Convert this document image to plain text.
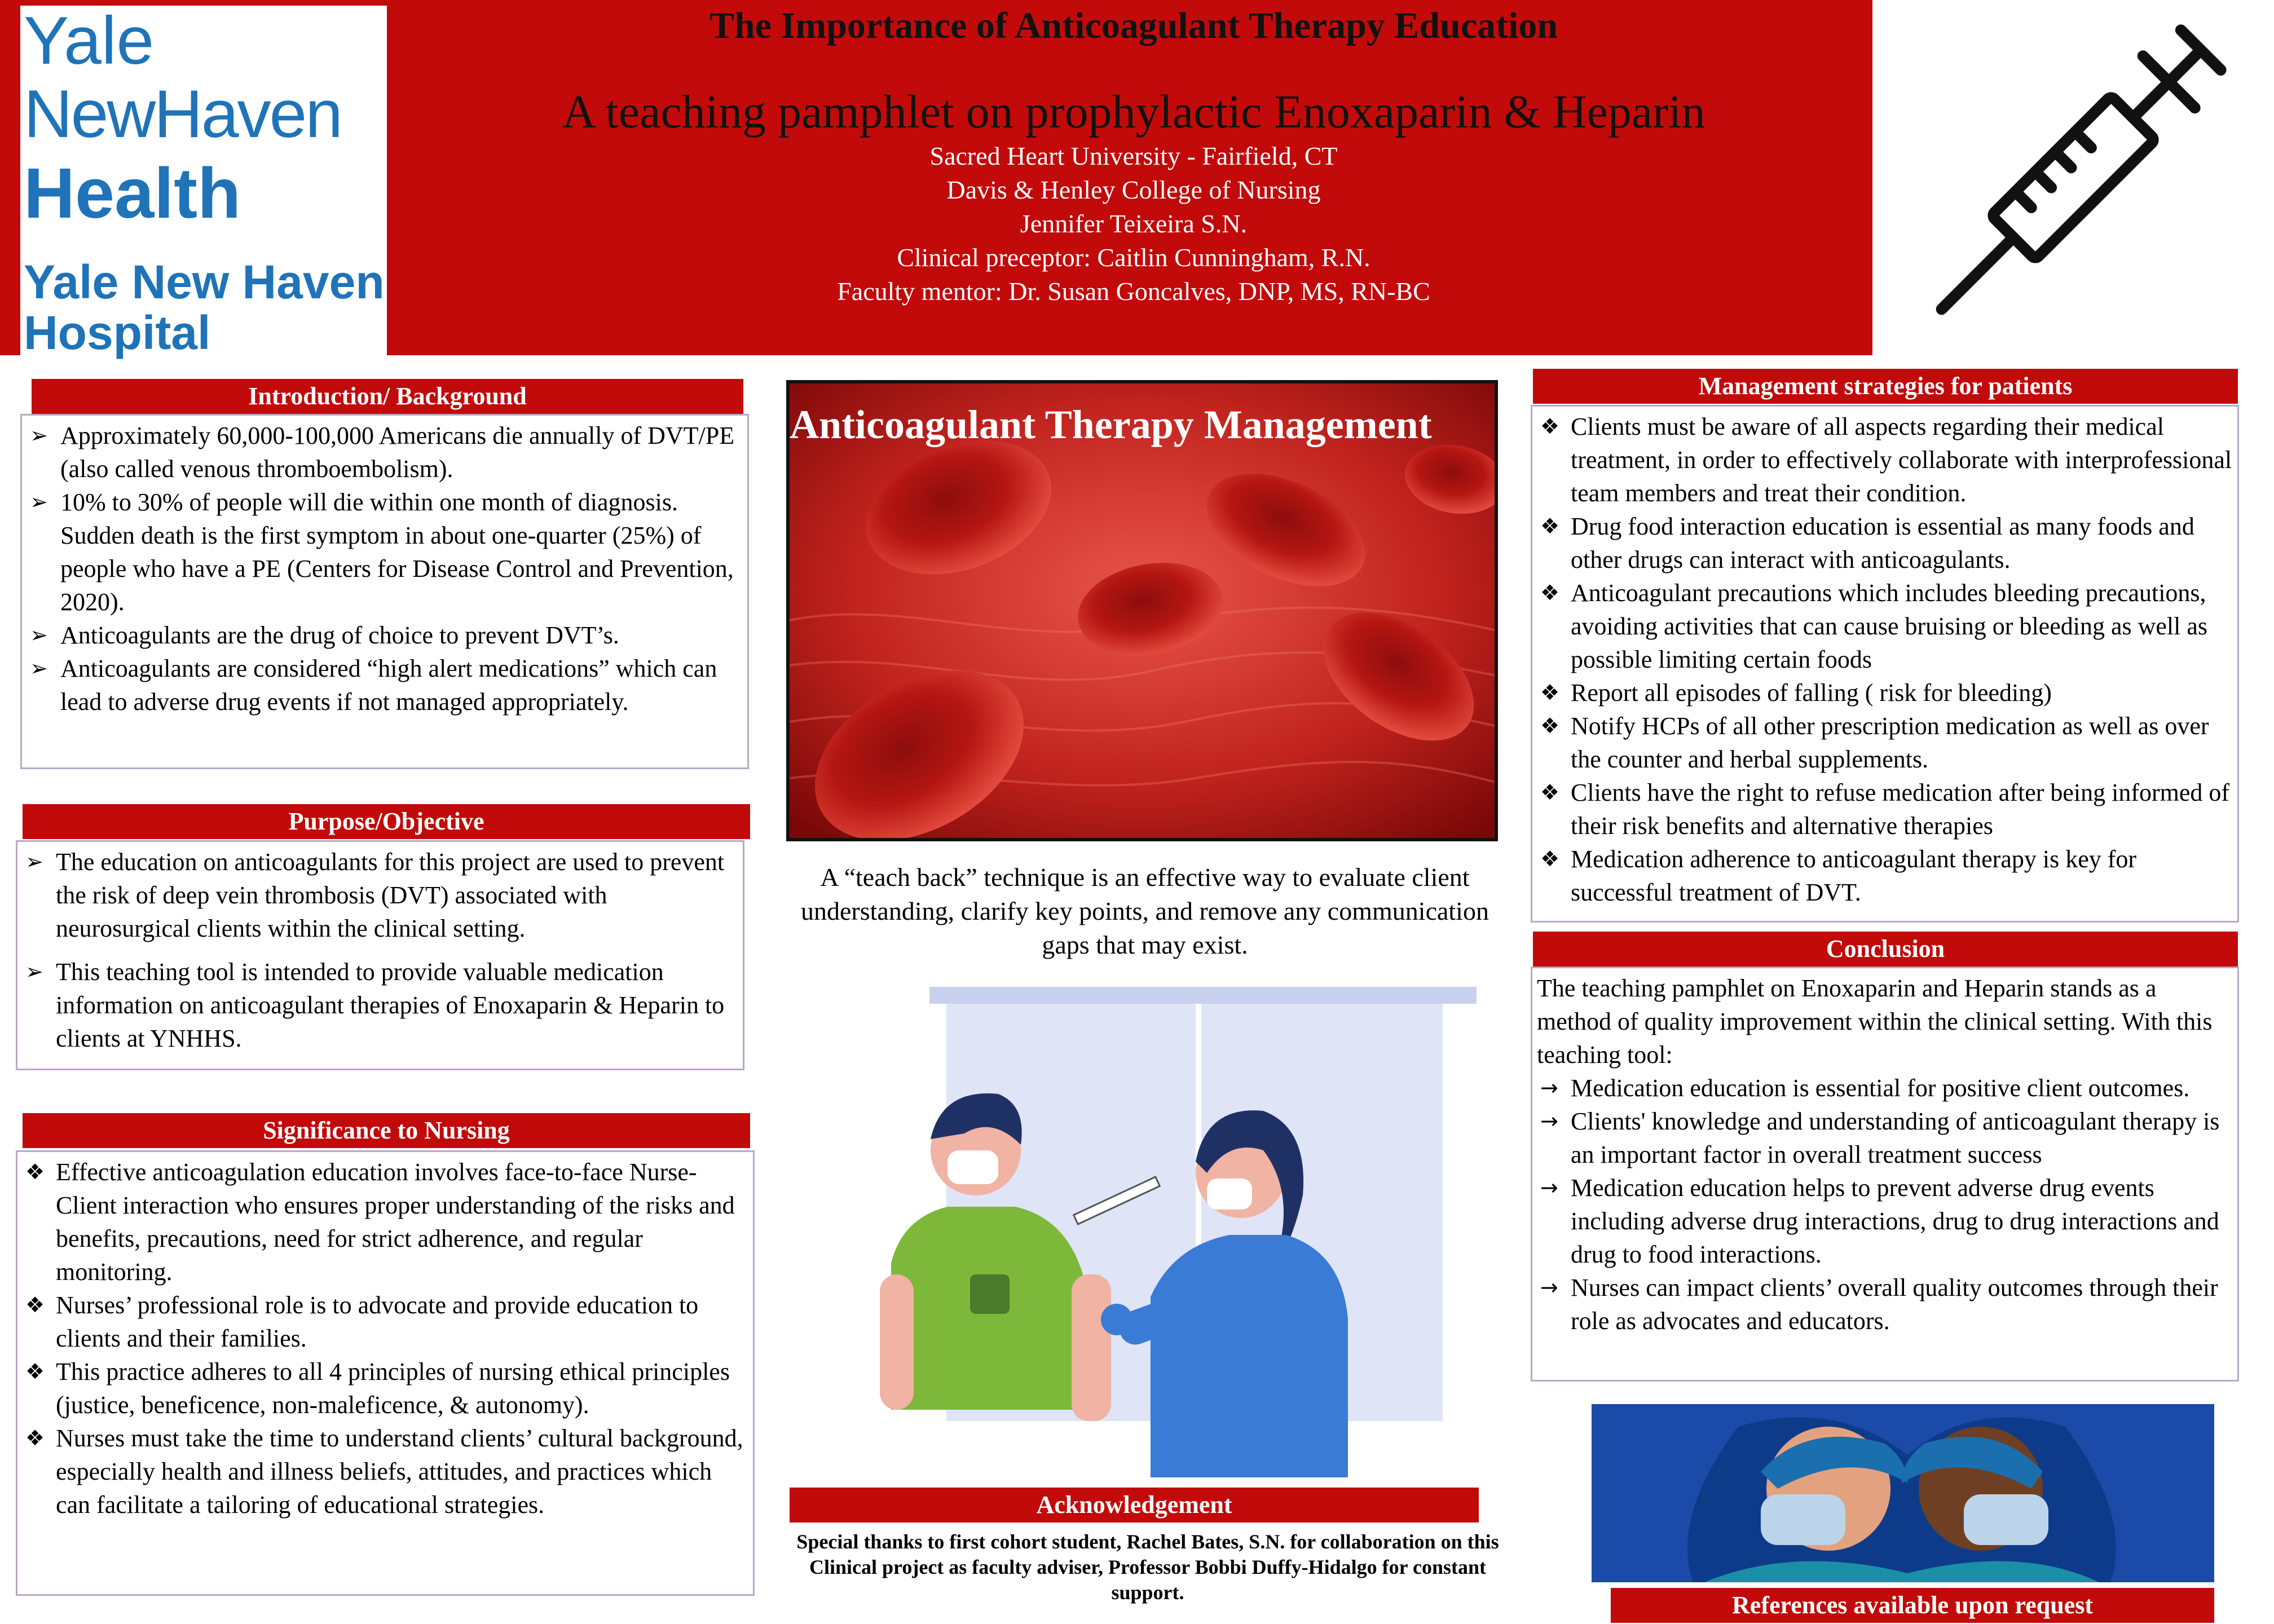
Yale
NewHaven
Health
Yale New Haven
Hospital
The Importance of Anticoagulant Therapy Education
A teaching pamphlet on prophylactic Enoxaparin & Heparin
Sacred Heart University - Fairfield, CT
Davis & Henley College of Nursing
Jennifer Teixeira S.N.
Clinical preceptor: Caitlin Cunningham, R.N.
Faculty mentor: Dr. Susan Goncalves, DNP, MS, RN-BC
Introduction/ Background
➢ Approximately 60,000-100,000 Americans die annually of DVT/PE (also called venous thromboembolism).
➢ 10% to 30% of people will die within one month of diagnosis. Sudden death is the first symptom in about one-quarter (25%) of people who have a PE (Centers for Disease Control and Prevention, 2020).
➢ Anticoagulants are the drug of choice to prevent DVT’s.
➢ Anticoagulants are considered “high alert medications” which can lead to adverse drug events if not managed appropriately.
Purpose/Objective
➢ The education on anticoagulants for this project are used to prevent the risk of deep vein thrombosis (DVT) associated with neurosurgical clients within the clinical setting.
➢ This teaching tool is intended to provide valuable medication information on anticoagulant therapies of Enoxaparin & Heparin to clients at YNHHS.
Significance to Nursing
❖ Effective anticoagulation education involves face-to-face Nurse-Client interaction who ensures proper understanding of the risks and benefits, precautions, need for strict adherence, and regular monitoring.
❖ Nurses’ professional role is to advocate and provide education to clients and their families.
❖ This practice adheres to all 4 principles of nursing ethical principles (justice, beneficence, non-maleficence, & autonomy).
❖ Nurses must take the time to understand clients’ cultural background, especially health and illness beliefs, attitudes, and practices which can facilitate a tailoring of educational strategies.
Anticoagulant Therapy Management
A “teach back” technique is an effective way to evaluate client understanding, clarify key points, and remove any communication gaps that may exist.
Acknowledgement
Special thanks to first cohort student, Rachel Bates, S.N. for collaboration on this Clinical project as faculty adviser, Professor Bobbi Duffy-Hidalgo for constant support.
Management strategies for patients
❖ Clients must be aware of all aspects regarding their medical treatment, in order to effectively collaborate with interprofessional team members and treat their condition.
❖ Drug food interaction education is essential as many foods and other drugs can interact with anticoagulants.
❖ Anticoagulant precautions which includes bleeding precautions, avoiding activities that can cause bruising or bleeding as well as possible limiting certain foods
❖ Report all episodes of falling ( risk for bleeding)
❖ Notify HCPs of all other prescription medication as well as over the counter and herbal supplements.
❖ Clients have the right to refuse medication after being informed of their risk benefits and alternative therapies
❖ Medication adherence to anticoagulant therapy is key for successful treatment of DVT.
Conclusion
The teaching pamphlet on Enoxaparin and Heparin stands as a method of quality improvement within the clinical setting. With this teaching tool:
→ Medication education is essential for positive client outcomes.
→ Clients' knowledge and understanding of anticoagulant therapy is an important factor in overall treatment success
→ Medication education helps to prevent adverse drug events including adverse drug interactions, drug to drug interactions and drug to food interactions.
→ Nurses can impact clients’ overall quality outcomes through their role as advocates and educators.
References available upon request
